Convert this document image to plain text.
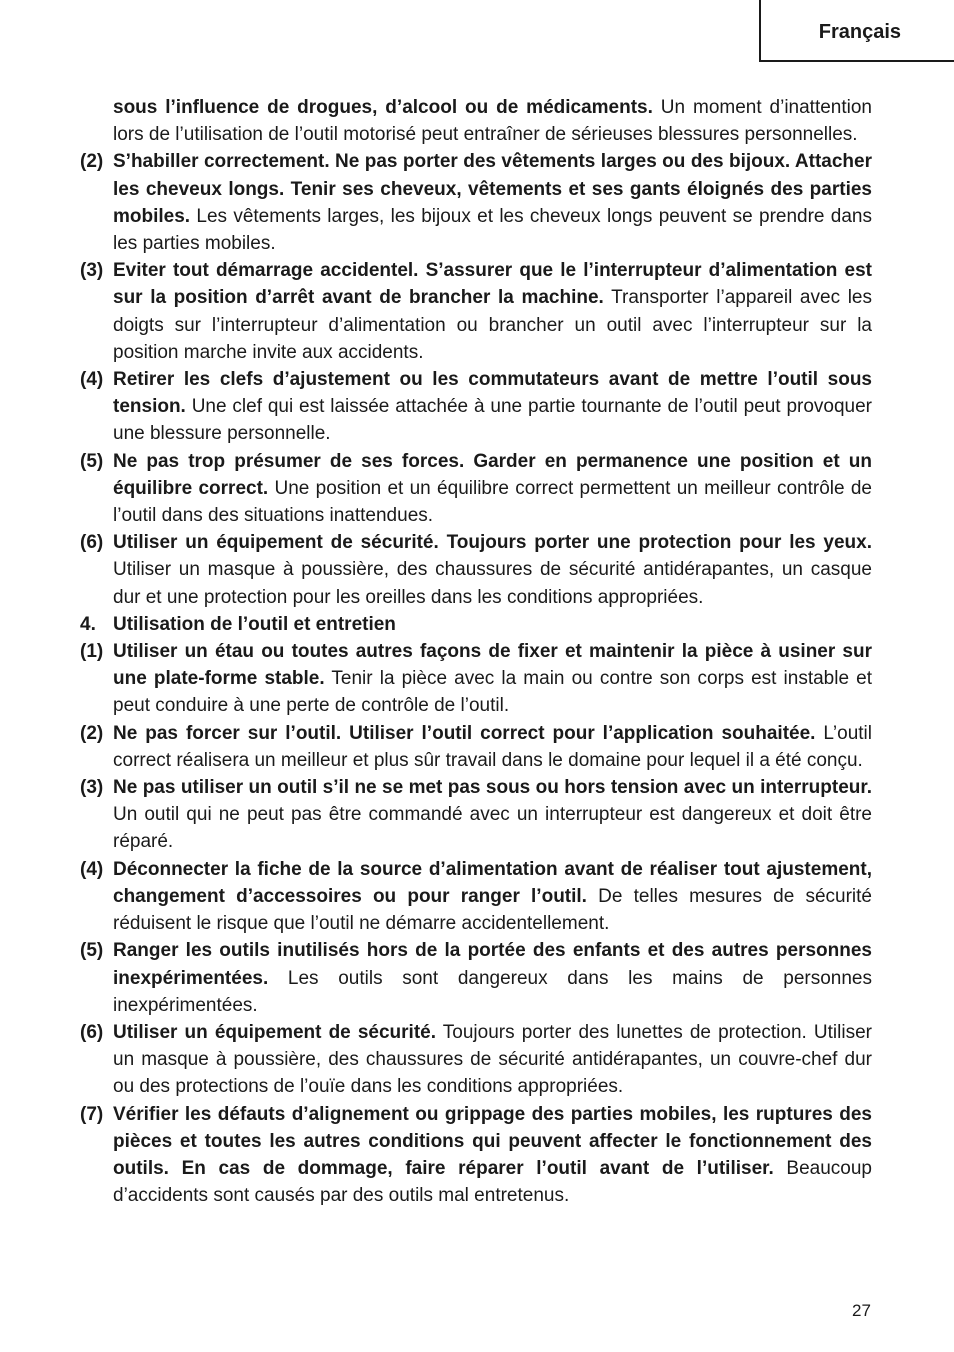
Français
sous l’influence de drogues, d’alcool ou de médicaments. Un moment d’inattention lors de l’utilisation de l’outil motorisé peut entraîner de sérieuses blessures personnelles.
(2) S’habiller correctement. Ne pas porter des vêtements larges ou des bijoux. Attacher les cheveux longs. Tenir ses cheveux, vêtements et ses gants éloignés des parties mobiles. Les vêtements larges, les bijoux et les cheveux longs peuvent se prendre dans les parties mobiles.
(3) Eviter tout démarrage accidentel. S’assurer que le l’interrupteur d’alimentation est sur la position d’arrêt avant de brancher la machine. Transporter l’appareil avec les doigts sur l’interrupteur d’alimentation ou brancher un outil avec l’interrupteur sur la position marche invite aux accidents.
(4) Retirer les clefs d’ajustement ou les commutateurs avant de mettre l’outil sous tension. Une clef qui est laissée attachée à une partie tournante de l’outil peut provoquer une blessure personnelle.
(5) Ne pas trop présumer de ses forces. Garder en permanence une position et un équilibre correct. Une position et un équilibre correct permettent un meilleur contrôle de l’outil dans des situations inattendues.
(6) Utiliser un équipement de sécurité. Toujours porter une protection pour les yeux. Utiliser un masque à poussière, des chaussures de sécurité antidérapantes, un casque dur et une protection pour les oreilles dans les conditions appropriées.
4. Utilisation de l’outil et entretien
(1) Utiliser un étau ou toutes autres façons de fixer et maintenir la pièce à usiner sur une plate-forme stable. Tenir la pièce avec la main ou contre son corps est instable et peut conduire à une perte de contrôle de l’outil.
(2) Ne pas forcer sur l’outil. Utiliser l’outil correct pour l’application souhaitée. L’outil correct réalisera un meilleur et plus sûr travail dans le domaine pour lequel il a été conçu.
(3) Ne pas utiliser un outil s’il ne se met pas sous ou hors tension avec un interrupteur. Un outil qui ne peut pas être commandé avec un interrupteur est dangereux et doit être réparé.
(4) Déconnecter la fiche de la source d’alimentation avant de réaliser tout ajustement, changement d’accessoires ou pour ranger l’outil. De telles mesures de sécurité réduisent le risque que l’outil ne démarre accidentellement.
(5) Ranger les outils inutilisés hors de la portée des enfants et des autres personnes inexpérimentées. Les outils sont dangereux dans les mains de personnes inexpérimentées.
(6) Utiliser un équipement de sécurité. Toujours porter des lunettes de protection. Utiliser un masque à poussière, des chaussures de sécurité antidérapantes, un couvre-chef dur ou des protections de l’ouïe dans les conditions appropriées.
(7) Vérifier les défauts d’alignement ou grippage des parties mobiles, les ruptures des pièces et toutes les autres conditions qui peuvent affecter le fonctionnement des outils. En cas de dommage, faire réparer l’outil avant de l’utiliser. Beaucoup d’accidents sont causés par des outils mal entretenus.
27
